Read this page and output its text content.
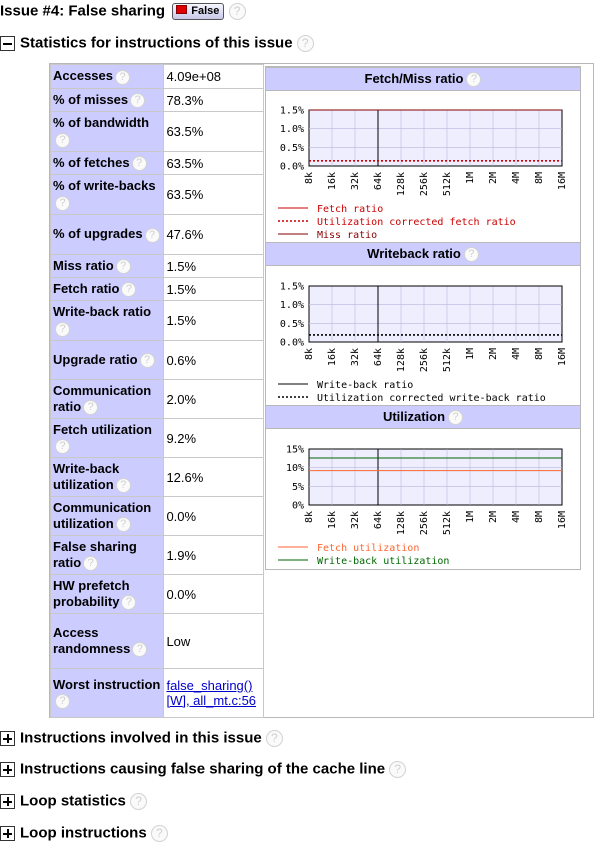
Issue #4: False sharing False ?
Statistics for instructions of this issue ?
Accesses ?	4.09e+08
% of misses ?	78.3%
% of bandwidth?	63.5%
% of fetches ?	63.5%
% of write-backs?	63.5%
% of upgrades ?	47.6%
Miss ratio ?	1.5%
Fetch ratio ?	1.5%
Write-back ratio?	1.5%
Upgrade ratio ?	0.6%
Communication ratio ?	2.0%
Fetch utilization?	9.2%
Write-back utilization ?	12.6%
Communication utilization ?	0.0%
False sharing ratio ?	1.9%
HW prefetch probability ?	0.0%
Access randomness ?	Low
Worst instruction?	false_sharing() [W], all_mt.c:56
Fetch/Miss ratio ?
1.5%
1.0%
0.5%
0.0%
8k 16k 32k 64k 128k 256k 512k 1M 2M 4M 8M 16M
Fetch ratio
Utilization corrected fetch ratio
Miss ratio
Writeback ratio ?
1.5%
1.0%
0.5%
0.0%
8k 16k 32k 64k 128k 256k 512k 1M 2M 4M 8M 16M
Write-back ratio
Utilization corrected write-back ratio
Utilization ?
15%
10%
5%
0%
8k 16k 32k 64k 128k 256k 512k 1M 2M 4M 8M 16M
Fetch utilization
Write-back utilization
Instructions involved in this issue ?
Instructions causing false sharing of the cache line ?
Loop statistics ?
Loop instructions ?
